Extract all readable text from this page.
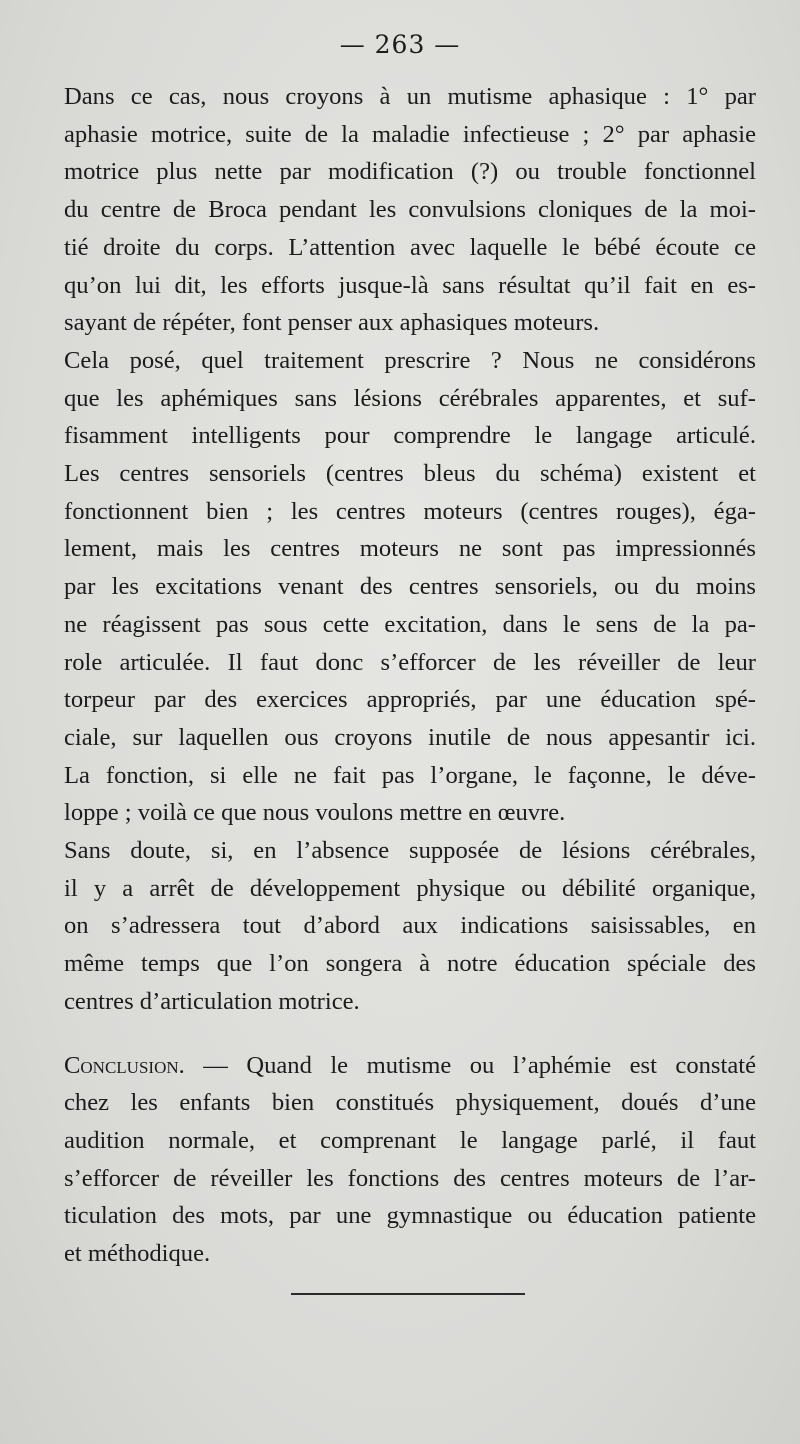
— 263 —

Dans ce cas, nous croyons à un mutisme aphasique : 1° par
aphasie motrice, suite de la maladie infectieuse ; 2° par aphasie
motrice plus nette par modification (?) ou trouble fonctionnel
du centre de Broca pendant les convulsions cloniques de la moi-
tié droite du corps. L’attention avec laquelle le bébé écoute ce
qu’on lui dit, les efforts jusque-là sans résultat qu’il fait en es-
sayant de répéter, font penser aux aphasiques moteurs.

Cela posé, quel traitement prescrire ? Nous ne considérons
que les aphémiques sans lésions cérébrales apparentes, et suf-
fisamment intelligents pour comprendre le langage articulé.
Les centres sensoriels (centres bleus du schéma) existent et
fonctionnent bien ; les centres moteurs (centres rouges), éga-
lement, mais les centres moteurs ne sont pas impressionnés
par les excitations venant des centres sensoriels, ou du moins
ne réagissent pas sous cette excitation, dans le sens de la pa-
role articulée. Il faut donc s’efforcer de les réveiller de leur
torpeur par des exercices appropriés, par une éducation spé-
ciale, sur laquellen ous croyons inutile de nous appesantir ici.
La fonction, si elle ne fait pas l’organe, le façonne, le déve-
loppe ; voilà ce que nous voulons mettre en œuvre.

Sans doute, si, en l’absence supposée de lésions cérébrales,
il y a arrêt de développement physique ou débilité organique,
on s’adressera tout d’abord aux indications saisissables, en
même temps que l’on songera à notre éducation spéciale des
centres d’articulation motrice.

Conclusion. — Quand le mutisme ou l’aphémie est constaté
chez les enfants bien constitués physiquement, doués d’une
audition normale, et comprenant le langage parlé, il faut
s’efforcer de réveiller les fonctions des centres moteurs de l’ar-
ticulation des mots, par une gymnastique ou éducation patiente
et méthodique.
